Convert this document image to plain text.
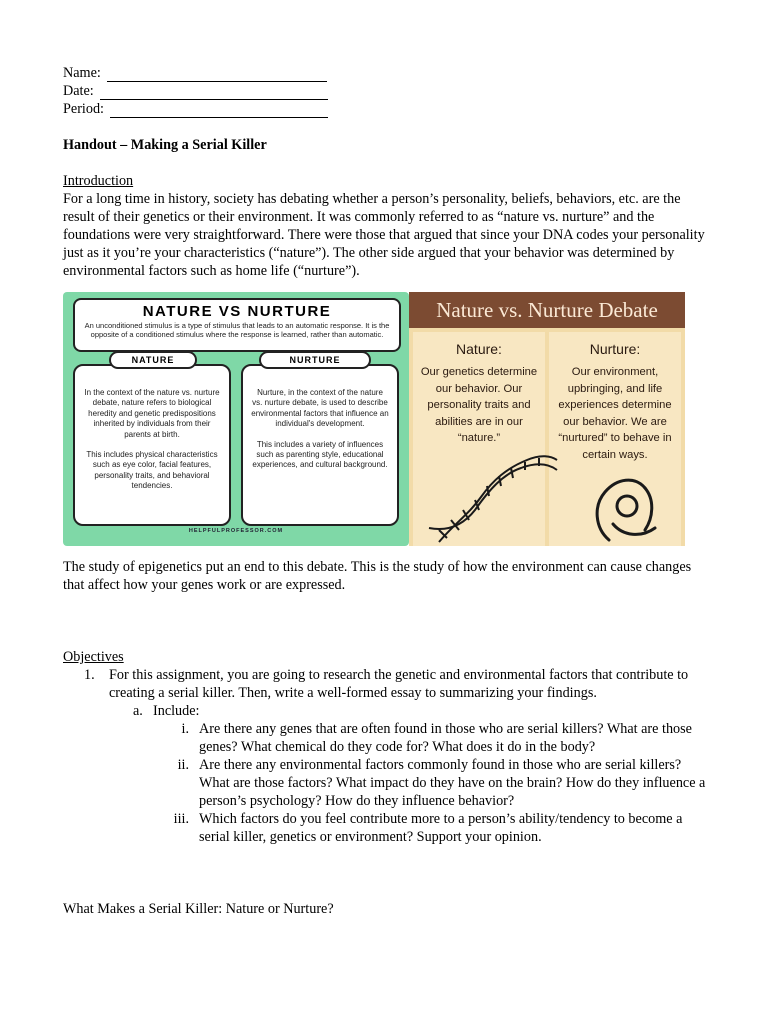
Name:
Date:
Period:
Handout – Making a Serial Killer
Introduction

For a long time in history, society has debating whether a person’s personality, beliefs, behaviors, etc. are the result of their genetics or their environment. It was commonly referred to as “nature vs. nurture” and the foundations were very straightforward. There were those that argued that since your DNA codes your personality just as it you’re your characteristics (“nature”). The other side argued that your behavior was determined by environmental factors such as home life (“nurture”).

NATURE VS NURTURE
An unconditioned stimulus is a type of stimulus that leads to an automatic response. It is the opposite of a conditioned stimulus where the response is learned, rather than automatic.

In the context of the nature vs. nurture debate, nature refers to biological heredity and genetic predispositions inherited by individuals from their parents at birth.

This includes physical characteristics such as eye color, facial features, personality traits, and behavioral tendencies.

Nurture, in the context of the nature vs. nurture debate, is used to describe environmental factors that influence an individual's development.

This includes a variety of influences such as parenting style, educational experiences, and cultural background.

NATURE	NURTURE
HELPFULPROFESSOR.COM
Nature vs. Nurture Debate
Nature:
Our genetics determine our behavior. Our personality traits and abilities are in our “nature.”
Nurture:
Our environment, upbringing, and life experiences determine our behavior. We are “nurtured” to behave in certain ways.

The study of epigenetics put an end to this debate. This is the study of how the environment can cause changes that affect how your genes work or are expressed.

Objectives
1. For this assignment, you are going to research the genetic and environmental factors that contribute to creating a serial killer. Then, write a well-formed essay to summarizing your findings.
a. Include:
i. Are there any genes that are often found in those who are serial killers? What are those genes? What chemical do they code for? What does it do in the body?
ii. Are there any environmental factors commonly found in those who are serial killers? What are those factors? What impact do they have on the brain? How do they influence a person’s psychology? How do they influence behavior?
iii. Which factors do you feel contribute more to a person’s ability/tendency to become a serial killer, genetics or environment? Support your opinion.
What Makes a Serial Killer: Nature or Nurture?
